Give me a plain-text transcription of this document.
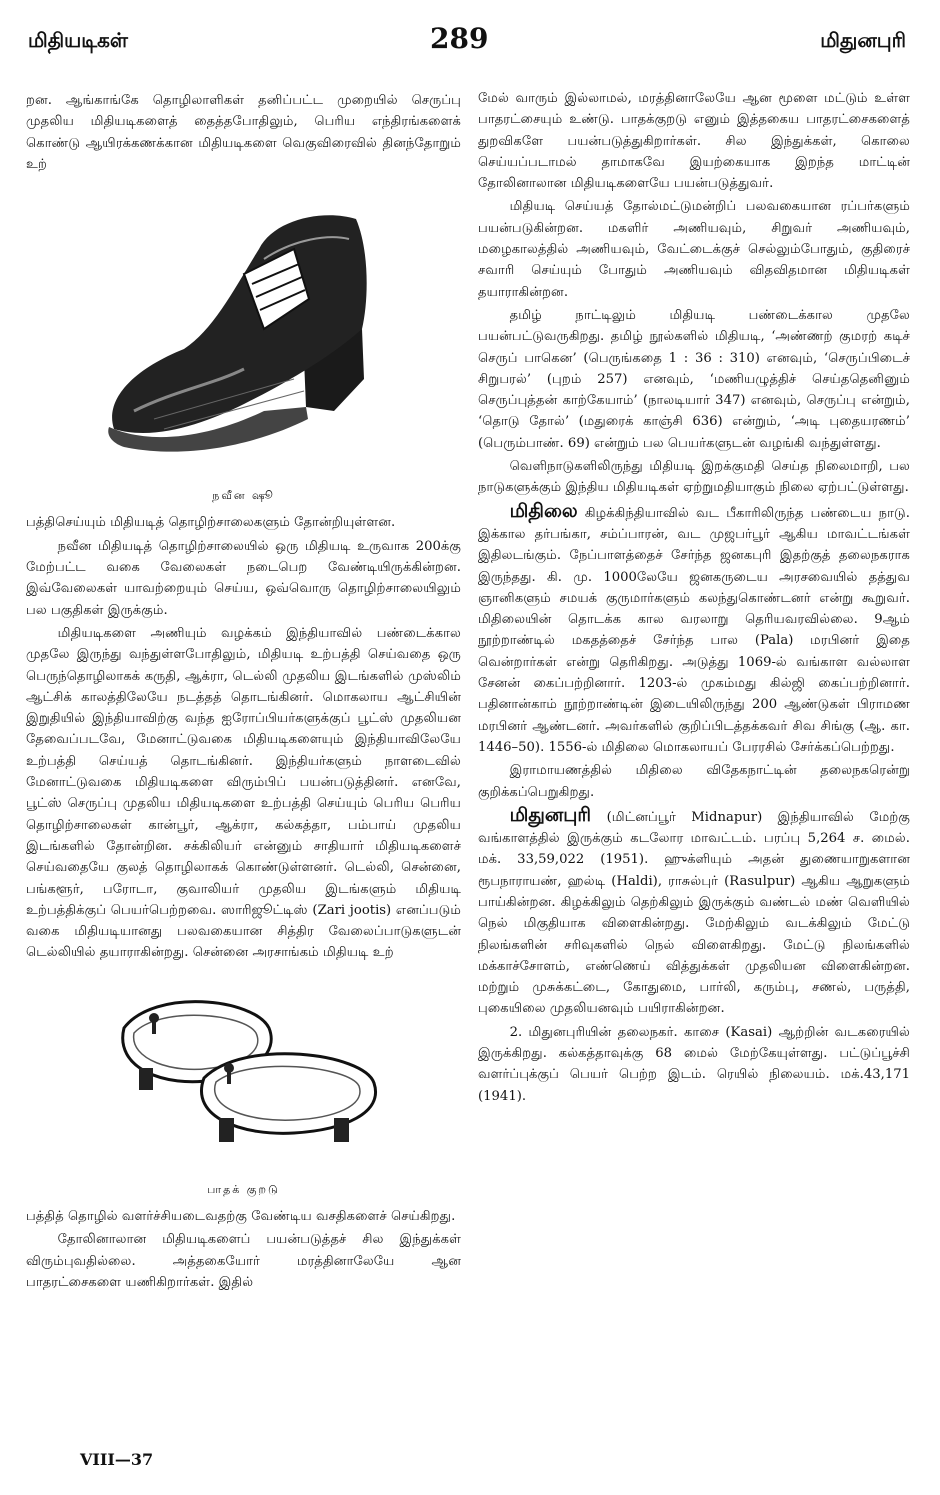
மிதியடிகள்	289	மிதுனபுரி

றன. ஆங்காங்கே தொழிலாளிகள் தனிப்பட்ட முறையில் செருப்பு முதலிய மிதியடிகளைத் தைத்தபோதிலும், பெரிய எந்திரங்களைக் கொண்டு ஆயிரக்கணக்கான மிதியடிகளை வெகுவிரைவில் தினந்தோறும் உற்

நவீன ஷூ

பத்திசெய்யும் மிதியடித் தொழிற்சாலைகளும் தோன்றியுள்ளன.

நவீன மிதியடித் தொழிற்சாலையில் ஒரு மிதியடி உருவாக 200க்கு மேற்பட்ட வகை வேலைகள் நடைபெற வேண்டியிருக்கின்றன. இவ்வேலைகள் யாவற்றையும் செய்ய, ஒவ்வொரு தொழிற்சாலையிலும் பல பகுதிகள் இருக்கும்.

மிதியடிகளை அணியும் வழக்கம் இந்தியாவில் பண்டைக்கால முதலே இருந்து வந்துள்ளபோதிலும், மிதியடி உற்பத்தி செய்வதை ஒரு பெருந்தொழிலாகக் கருதி, ஆக்ரா, டெல்லி முதலிய இடங்களில் முஸ்லிம் ஆட்சிக் காலத்திலேயே நடத்தத் தொடங்கினர். மொகலாய ஆட்சியின் இறுதியில் இந்தியாவிற்கு வந்த ஐரோப்பியர்களுக்குப் பூட்ஸ் முதலியன தேவைப்படவே, மேனாட்டுவகை மிதியடிகளையும் இந்தியாவிலேயே உற்பத்தி செய்யத் தொடங்கினர். இந்தியர்களும் நாளடைவில் மேனாட்டுவகை மிதியடிகளை விரும்பிப் பயன்படுத்தினர். எனவே, பூட்ஸ் செருப்பு முதலிய மிதியடிகளை உற்பத்தி செய்யும் பெரிய பெரிய தொழிற்சாலைகள் கான்பூர், ஆக்ரா, கல்கத்தா, பம்பாய் முதலிய இடங்களில் தோன்றின. சக்கிலியர் என்னும் சாதியார் மிதியடிகளைச் செய்வதையே குலத் தொழிலாகக் கொண்டுள்ளனர். டெல்லி, சென்னை, பங்களூர், பரோடா, குவாலியர் முதலிய இடங்களும் மிதியடி உற்பத்திக்குப் பெயர்பெற்றவை. ஸாரிஜூட்டிஸ் (Zari jootis) எனப்படும் வகை மிதியடியானது பலவகையான சித்திர வேலைப்பாடுகளுடன் டெல்லியில் தயாராகின்றது. சென்னை அரசாங்கம் மிதியடி உற்

பாதக் குறடு

பத்தித் தொழில் வளர்ச்சியடைவதற்கு வேண்டிய வசதிகளைச் செய்கிறது.

தோலினாலான மிதியடிகளைப் பயன்படுத்தச் சில இந்துக்கள் விரும்புவதில்லை. அத்தகையோர் மரத்தினாலேயே ஆன பாதரட்சைகளை யணிகிறார்கள். இதில்

மேல் வாரும் இல்லாமல், மரத்தினாலேயே ஆன மூளை மட்டும் உள்ள பாதரட்சையும் உண்டு. பாதக்குறடு எனும் இத்தகைய பாதரட்சைகளைத் துறவிகளே பயன்படுத்துகிறார்கள். சில இந்துக்கள், கொலை செய்யப்படாமல் தாமாகவே இயற்கையாக இறந்த மாட்டின் தோலினாலான மிதியடிகளையே பயன்படுத்துவர்.

மிதியடி செய்யத் தோல்மட்டுமன்றிப் பலவகையான ரப்பர்களும் பயன்படுகின்றன. மகளிர் அணியவும், சிறுவர் அணியவும், மழைகாலத்தில் அணியவும், வேட்டைக்குச் செல்லும்போதும், குதிரைச் சவாரி செய்யும் போதும் அணியவும் விதவிதமான மிதியடிகள் தயாராகின்றன.

தமிழ் நாட்டிலும் மிதியடி பண்டைக்கால முதலே பயன்பட்டுவருகிறது. தமிழ் நூல்களில் மிதியடி, ‘அண்ணற் குமரற் கடிச் செருப் பாகென’ (பெருங்கதை 1 : 36 : 310) எனவும், ‘செருப்பிடைச் சிறுபரல்’ (புறம் 257) எனவும், ‘மணியழுத்திச் செய்ததெனினும் செருப்புத்தன் காற்கேயாம்’ (நாலடியார் 347) எனவும், செருப்பு என்றும், ‘தொடு தோல்’ (மதுரைக் காஞ்சி 636) என்றும், ‘அடி புதையரணம்’ (பெரும்பாண். 69) என்றும் பல பெயர்களுடன் வழங்கி வந்துள்ளது.

வெளிநாடுகளிலிருந்து மிதியடி இறக்குமதி செய்த நிலைமாறி, பல நாடுகளுக்கும் இந்திய மிதியடிகள் ஏற்றுமதியாகும் நிலை ஏற்பட்டுள்ளது.

மிதிலை கிழக்கிந்தியாவில் வட பீகாரிலிருந்த பண்டைய நாடு. இக்கால தர்பங்கா, சம்ப்பாரன், வட முஜபர்பூர் ஆகிய மாவட்டங்கள் இதிலடங்கும். நேப்பாளத்தைச் சேர்ந்த ஜனகபுரி இதற்குத் தலைநகராக இருந்தது. கி. மு. 1000லேயே ஜனகருடைய அரசவையில் தத்துவ ஞானிகளும் சமயக் குருமார்களும் கலந்துகொண்டனர் என்று கூறுவர். மிதிலையின் தொடக்க கால வரலாறு தெரியவரவில்லை. 9ஆம் நூற்றாண்டில் மகதத்தைச் சேர்ந்த பால (Pala) மரபினர் இதை வென்றார்கள் என்று தெரிகிறது. அடுத்து 1069-ல் வங்காள வல்லாள சேனன் கைப்பற்றினார். 1203-ல் முகம்மது கில்ஜி கைப்பற்றினார். பதினான்காம் நூற்றாண்டின் இடையிலிருந்து 200 ஆண்டுகள் பிராமண மரபினர் ஆண்டனர். அவர்களில் குறிப்பிடத்தக்கவர் சிவ சிங்கு (ஆ. கா. 1446–50). 1556-ல் மிதிலை மொகலாயப் பேரரசில் சேர்க்கப்பெற்றது.

இராமாயணத்தில் மிதிலை விதேகநாட்டின் தலைநகரென்று குறிக்கப்பெறுகிறது.

மிதுனபுரி (மிட்னப்பூர் Midnapur) இந்தியாவில் மேற்கு வங்காளத்தில் இருக்கும் கடலோர மாவட்டம். பரப்பு 5,264 ச. மைல். மக். 33,59,022 (1951). ஹுக்ளியும் அதன் துணையாறுகளான ரூபநாராயண், ஹல்டி (Haldi), ராசுல்புர் (Rasulpur) ஆகிய ஆறுகளும் பாய்கின்றன. கிழக்கிலும் தெற்கிலும் இருக்கும் வண்டல் மண் வெளியில் நெல் மிகுதியாக விளைகின்றது. மேற்கிலும் வடக்கிலும் மேட்டு நிலங்களின் சரிவுகளில் நெல் விளைகிறது. மேட்டு நிலங்களில் மக்காச்சோளம், எண்ணெய் வித்துக்கள் முதலியன விளைகின்றன. மற்றும் முசுக்கட்டை, கோதுமை, பார்லி, கரும்பு, சணல், பருத்தி, புகையிலை முதலியனவும் பயிராகின்றன.

2. மிதுனபுரியின் தலைநகர். காசை (Kasai) ஆற்றின் வடகரையில் இருக்கிறது. கல்கத்தாவுக்கு 68 மைல் மேற்கேயுள்ளது. பட்டுப்பூச்சி வளர்ப்புக்குப் பெயர் பெற்ற இடம். ரெயில் நிலையம். மக்.43,171 (1941).

VIII—37
